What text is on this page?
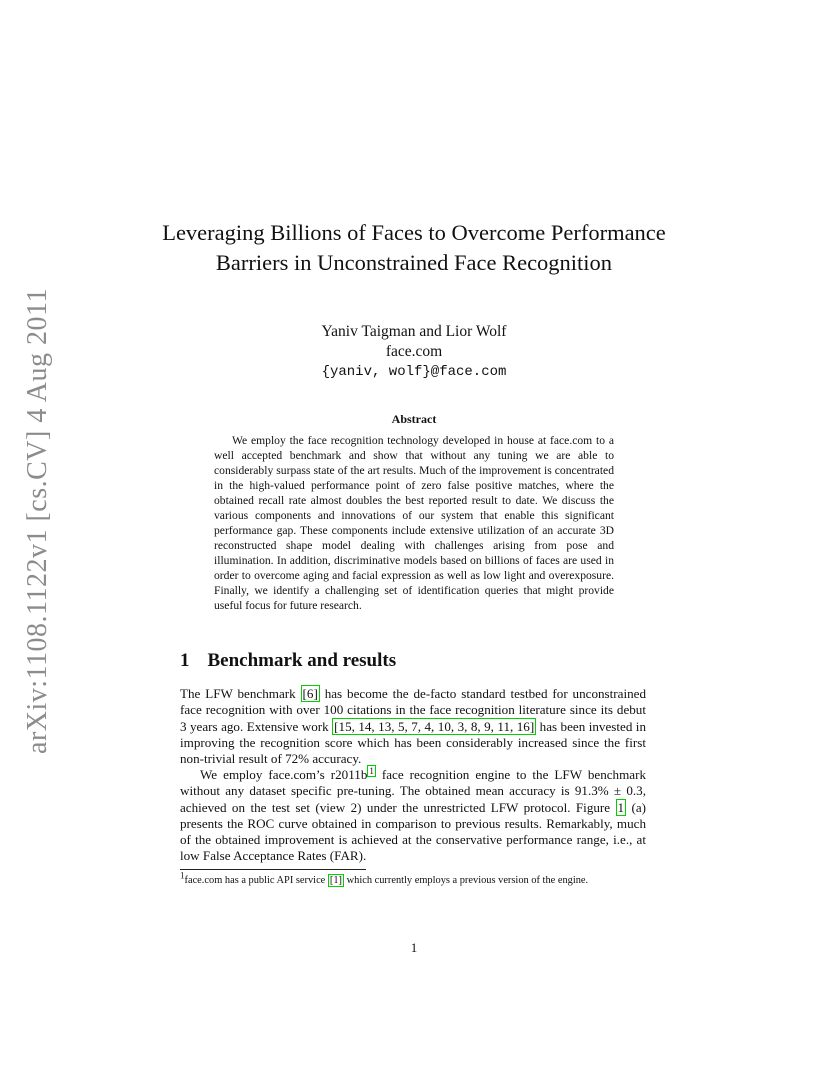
arXiv:1108.1122v1 [cs.CV] 4 Aug 2011
Leveraging Billions of Faces to Overcome Performance Barriers in Unconstrained Face Recognition
Yaniv Taigman and Lior Wolf
face.com
{yaniv, wolf}@face.com
Abstract

We employ the face recognition technology developed in house at face.com to a well accepted benchmark and show that without any tuning we are able to considerably surpass state of the art results. Much of the improvement is concentrated in the high-valued performance point of zero false positive matches, where the obtained recall rate almost doubles the best reported result to date. We discuss the various components and innovations of our system that enable this significant performance gap. These components include extensive utilization of an accurate 3D reconstructed shape model dealing with challenges arising from pose and illumination. In addition, discriminative models based on billions of faces are used in order to overcome aging and facial expression as well as low light and overexposure. Finally, we identify a challenging set of identification queries that might provide useful focus for future research.

1 Benchmark and results

The LFW benchmark [6] has become the de-facto standard testbed for unconstrained face recognition with over 100 citations in the face recognition literature since its debut 3 years ago. Extensive work [15, 14, 13, 5, 7, 4, 10, 3, 8, 9, 11, 16] has been invested in improving the recognition score which has been considerably increased since the first non-trivial result of 72% accuracy.

We employ face.com’s r2011b $^1$ face recognition engine to the LFW benchmark without any dataset specific pre-tuning. The obtained mean accuracy is 91.3% ± 0.3, achieved on the test set (view 2) under the unrestricted LFW protocol. Figure 1 (a) presents the ROC curve obtained in comparison to previous results. Remarkably, much of the obtained improvement is achieved at the conservative performance range, i.e., at low False Acceptance Rates (FAR).

1face.com has a public API service [1] which currently employs a previous version of the engine.

1
